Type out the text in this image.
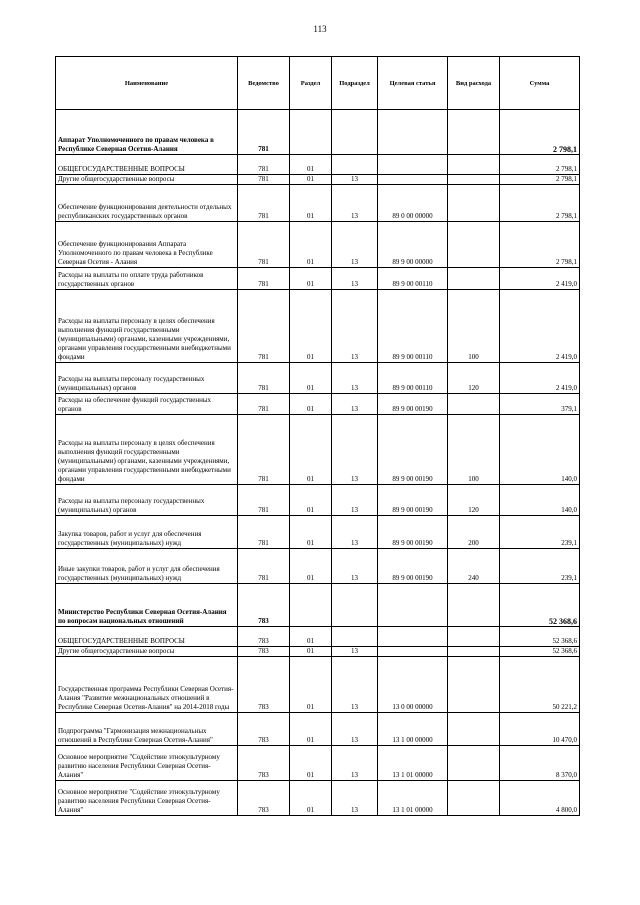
113
Наименование	Ведомство	Раздел	Подраздел	Целевая статья	Вид расхода	Сумма
Аппарат Уполномоченного по правам человека в Республике Северная Осетия-Алания	781					2 798,1
ОБЩЕГОСУДАРСТВЕННЫЕ ВОПРОСЫ	781	01				2 798,1
Другие общегосударственные вопросы	781	01	13			2 798,1
Обеспечение функционирования деятельности отдельных республиканских государственных органов	781	01	13	89 0 00 00000		2 798,1
Обеспечение функционирования Аппарата Уполномоченного по правам человека в Республике Северная Осетия - Алания	781	01	13	89 9 00 00000		2 798,1
Расходы на выплаты по оплате труда работников государственных органов	781	01	13	89 9 00 00110		2 419,0
Расходы на выплаты персоналу в целях обеспечения выполнения функций государственными (муниципальными) органами, казенными учреждениями, органами управления государственными внебюджетными фондами	781	01	13	89 9 00 00110	100	2 419,0
Расходы на выплаты персоналу государственных (муниципальных) органов	781	01	13	89 9 00 00110	120	2 419,0
Расходы на обеспечение функций государственных органов	781	01	13	89 9 00 00190		379,1
Расходы на выплаты персоналу в целях обеспечения выполнения функций государственными (муниципальными) органами, казенными учреждениями, органами управления государственными внебюджетными фондами	781	01	13	89 9 00 00190	100	140,0
Расходы на выплаты персоналу государственных (муниципальных) органов	781	01	13	89 9 00 00190	120	140,0
Закупка товаров, работ и услуг для обеспечения государственных (муниципальных) нужд	781	01	13	89 9 00 00190	200	239,1
Иные закупки товаров, работ и услуг для обеспечения государственных (муниципальных) нужд	781	01	13	89 9 00 00190	240	239,1
Министерство Республики Северная Осетия-Алания по вопросам национальных отношений	783					52 368,6
ОБЩЕГОСУДАРСТВЕННЫЕ ВОПРОСЫ	783	01				52 368,6
Другие общегосударственные вопросы	783	01	13			52 368,6
Государственная программа Республики Северная Осетия-Алания "Развитие межнациональных отношений в Республике Северная Осетия-Алания" на 2014-2018 годы	783	01	13	13 0 00 00000		50 221,2
Подпрограмма "Гармонизация межнациональных отношений в Республике Северная Осетия-Алания"	783	01	13	13 1 00 00000		10 470,0
Основное мероприятие "Содействие этнокультурному развитию населения Республики Северная Осетия-Алания"	783	01	13	13 1 01 00000		8 370,0
Основное мероприятие "Содействие этнокультурному развитию населения Республики Северная Осетия-Алания"	783	01	13	13 1 01 00000		4 800,0
